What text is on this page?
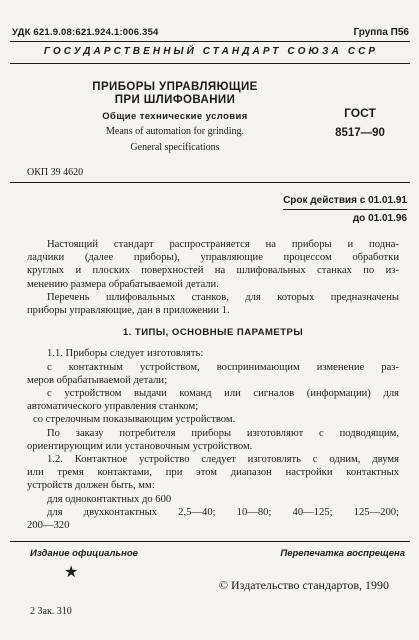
УДК 621.9.08:621.924.1:006.354	Группа П56
ГОСУДАРСТВЕННЫЙ СТАНДАРТ СОЮЗА ССР
ПРИБОРЫ УПРАВЛЯЮЩИЕ
ПРИ ШЛИФОВАНИИ
Общие технические условия
Means of automation for grinding.
General specifications
ГОСТ
8517—90
ОКП 39 4620
Срок действия с 01.01.91
до 01.01.96
Настоящий стандарт распространяется на приборы и подна-
ладчики (далее приборы), управляющие процессом обработки
круглых и плоских поверхностей на шлифовальных станках по из-
менению размера обрабатываемой детали.
Перечень шлифовальных станков, для которых предназначены
приборы управляющие, дан в приложении 1.
1. ТИПЫ, ОСНОВНЫЕ ПАРАМЕТРЫ
1.1. Приборы следует изготовлять:
с контактным устройством, воспринимающим изменение раз-
меров обрабатываемой детали;
с устройством выдачи команд или сигналов (информации) для
автоматического управления станком;
со стрелочным показывающим устройством.
По заказу потребителя приборы изготовляют с подводящим,
ориентирующим или установочным устройством.
1.2. Контактное устройство следует изготовлять с одним, двумя
или тремя контактами, при этом диапазон настройки контактных
устройств должен быть, мм:
для одноконтактных до 600
для двухконтактных 2,5—40; 10—80; 40—125; 125—200;
200—320
Издание официальное	Перепечатка воспрещена
★
© Издательство стандартов, 1990
2 Зак. 310
